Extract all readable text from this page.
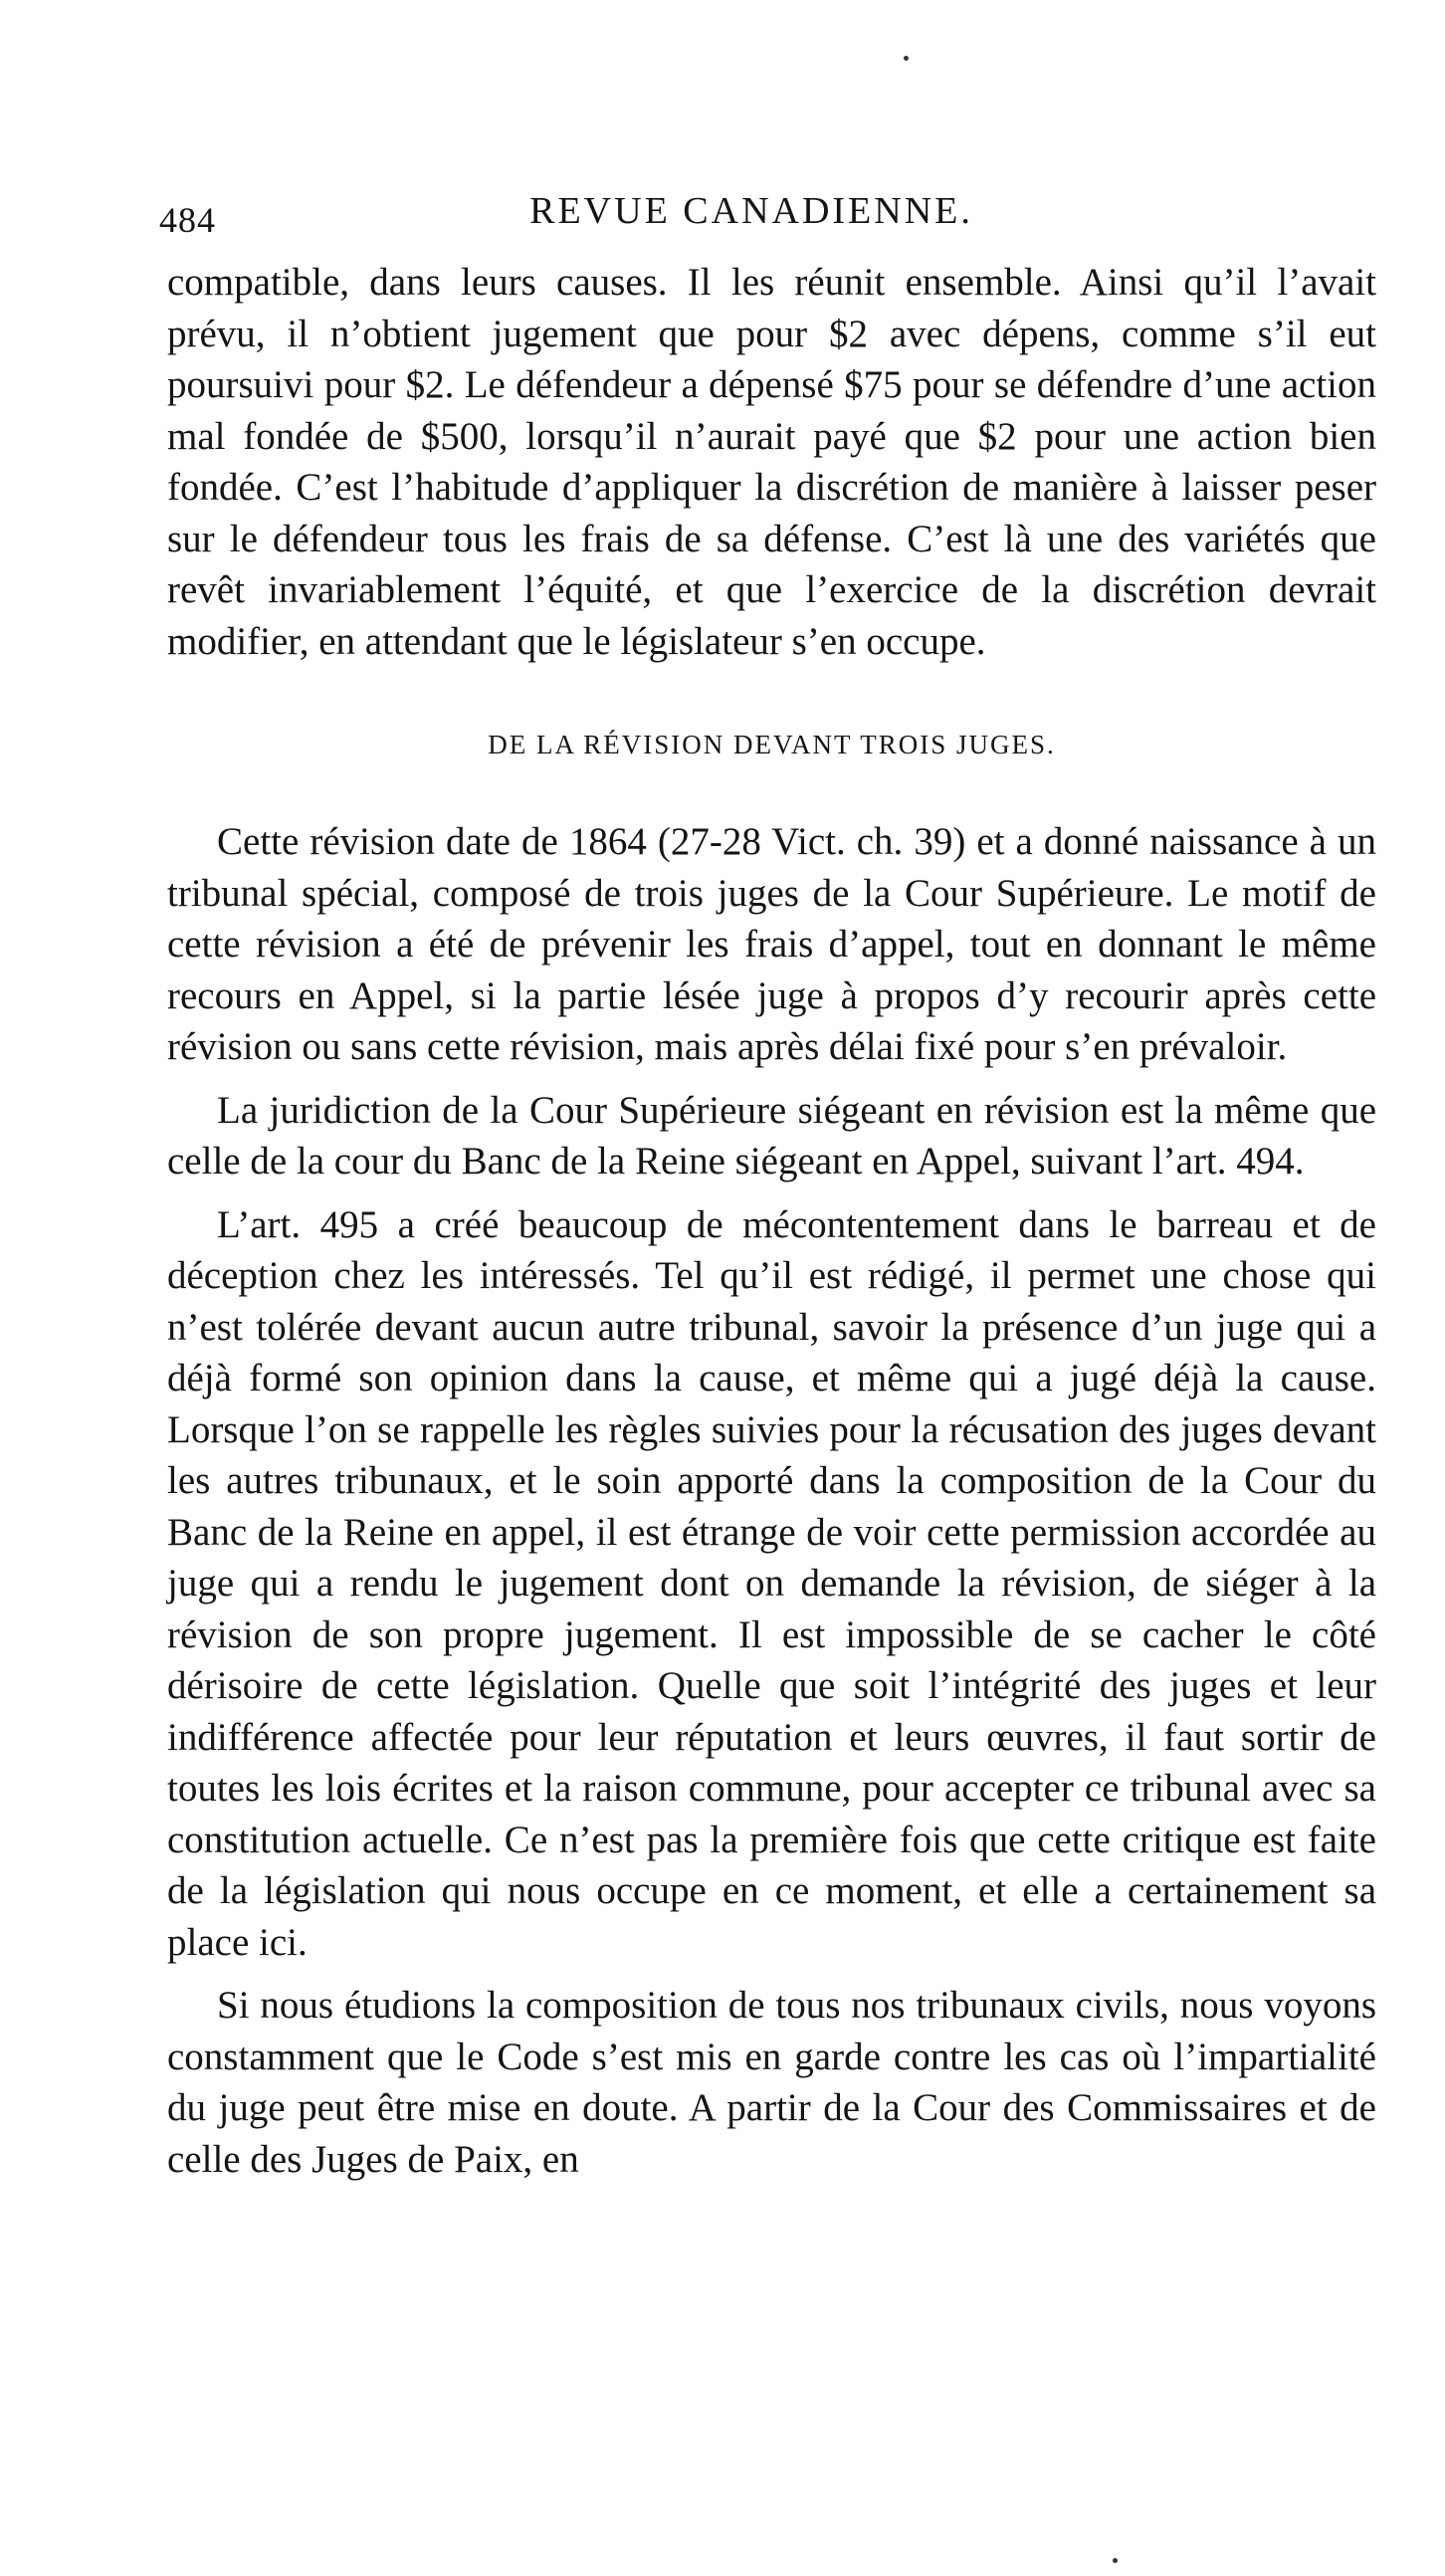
484	REVUE CANADIENNE.

compatible, dans leurs causes. Il les réunit ensemble. Ainsi qu’il l’avait prévu, il n’obtient jugement que pour $2 avec dépens, comme s’il eut poursuivi pour $2. Le défendeur a dépensé $75 pour se défendre d’une action mal fondée de $500, lorsqu’il n’aurait payé que $2 pour une action bien fondée. C’est l’habitude d’appliquer la discrétion de manière à laisser peser sur le défendeur tous les frais de sa défense. C’est là une des variétés que revêt invariablement l’équité, et que l’exercice de la discrétion devrait modifier, en attendant que le législateur s’en occupe.

DE LA RÉVISION DEVANT TROIS JUGES.

Cette révision date de 1864 (27-28 Vict. ch. 39) et a donné naissance à un tribunal spécial, composé de trois juges de la Cour Supérieure. Le motif de cette révision a été de prévenir les frais d’appel, tout en donnant le même recours en Appel, si la partie lésée juge à propos d’y recourir après cette révision ou sans cette révision, mais après délai fixé pour s’en prévaloir.

La juridiction de la Cour Supérieure siégeant en révision est la même que celle de la cour du Banc de la Reine siégeant en Appel, suivant l’art. 494.

L’art. 495 a créé beaucoup de mécontentement dans le barreau et de déception chez les intéressés. Tel qu’il est rédigé, il permet une chose qui n’est tolérée devant aucun autre tribunal, savoir la présence d’un juge qui a déjà formé son opinion dans la cause, et même qui a jugé déjà la cause. Lorsque l’on se rappelle les règles suivies pour la récusation des juges devant les autres tribunaux, et le soin apporté dans la composition de la Cour du Banc de la Reine en appel, il est étrange de voir cette permission accordée au juge qui a rendu le jugement dont on demande la révision, de siéger à la révision de son propre jugement. Il est impossible de se cacher le côté dérisoire de cette législation. Quelle que soit l’intégrité des juges et leur indifférence affectée pour leur réputation et leurs œuvres, il faut sortir de toutes les lois écrites et la raison commune, pour accepter ce tribunal avec sa constitution actuelle. Ce n’est pas la première fois que cette critique est faite de la législation qui nous occupe en ce moment, et elle a certainement sa place ici.

Si nous étudions la composition de tous nos tribunaux civils, nous voyons constamment que le Code s’est mis en garde contre les cas où l’impartialité du juge peut être mise en doute. A partir de la Cour des Commissaires et de celle des Juges de Paix, en
